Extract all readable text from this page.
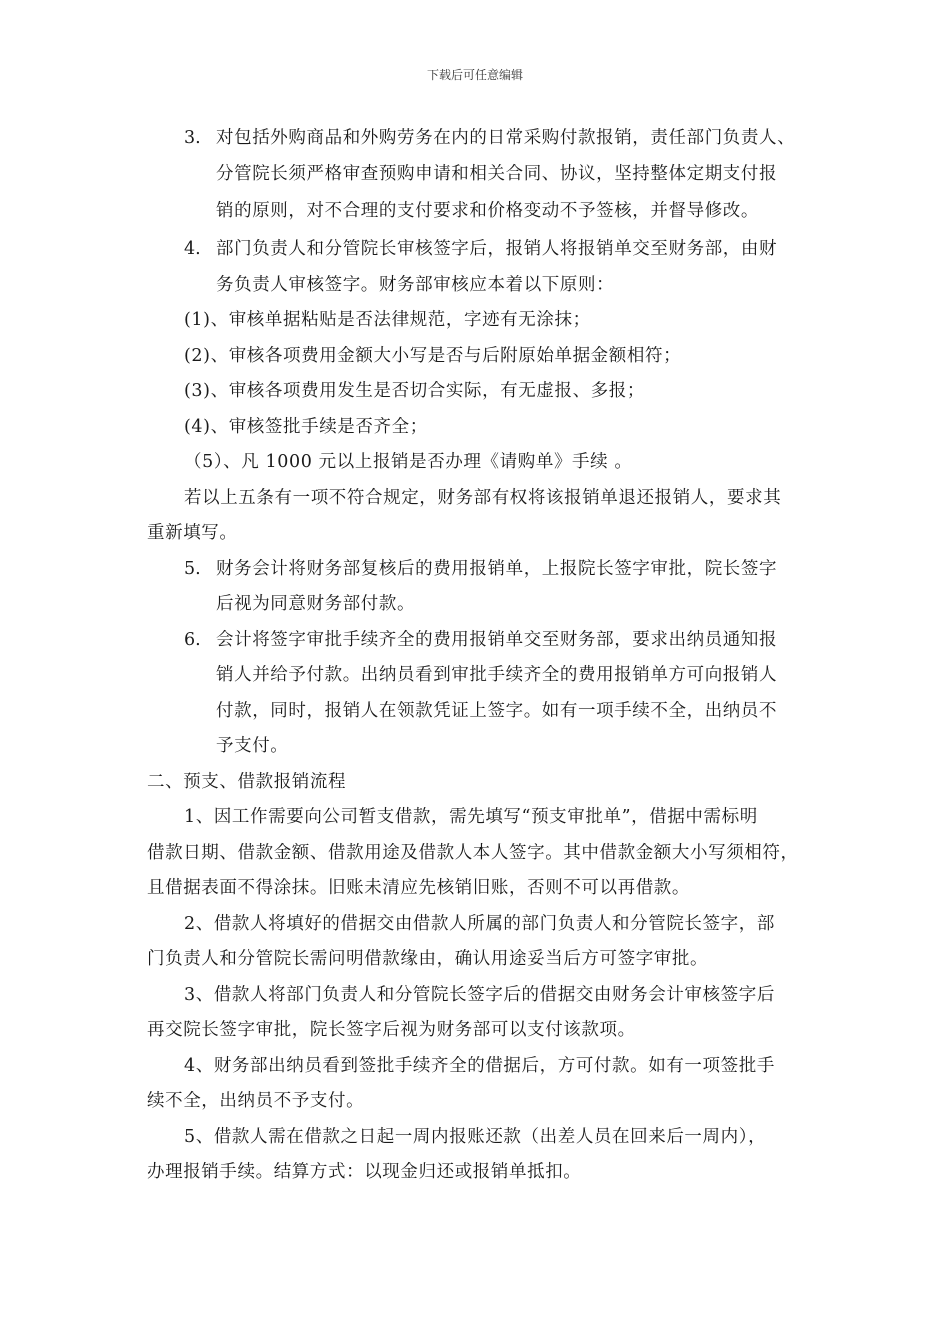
下载后可任意编辑
3. 对包括外购商品和外购劳务在内的日常采购付款报销，责任部门负责人、
分管院长须严格审查预购申请和相关合同、协议，坚持整体定期支付报
销的原则，对不合理的支付要求和价格变动不予签核，并督导修改。
4. 部门负责人和分管院长审核签字后，报销人将报销单交至财务部，由财
务负责人审核签字。财务部审核应本着以下原则：
(1)、审核单据粘贴是否法律规范，字迹有无涂抹；
(2)、审核各项费用金额大小写是否与后附原始单据金额相符；
(3)、审核各项费用发生是否切合实际，有无虚报、多报；
(4)、审核签批手续是否齐全；
（5）、凡 1000 元以上报销是否办理《请购单》手续 。
若以上五条有一项不符合规定，财务部有权将该报销单退还报销人，要求其
重新填写。
5. 财务会计将财务部复核后的费用报销单，上报院长签字审批，院长签字
后视为同意财务部付款。
6. 会计将签字审批手续齐全的费用报销单交至财务部，要求出纳员通知报
销人并给予付款。出纳员看到审批手续齐全的费用报销单方可向报销人
付款，同时，报销人在领款凭证上签字。如有一项手续不全，出纳员不
予支付。
二、预支、借款报销流程
1、因工作需要向公司暂支借款，需先填写“预支审批单”，借据中需标明
借款日期、借款金额、借款用途及借款人本人签字。其中借款金额大小写须相符，
且借据表面不得涂抹。旧账未清应先核销旧账，否则不可以再借款。
2、借款人将填好的借据交由借款人所属的部门负责人和分管院长签字，部
门负责人和分管院长需问明借款缘由，确认用途妥当后方可签字审批。
3、借款人将部门负责人和分管院长签字后的借据交由财务会计审核签字后
再交院长签字审批，院长签字后视为财务部可以支付该款项。
4、财务部出纳员看到签批手续齐全的借据后，方可付款。如有一项签批手
续不全，出纳员不予支付。
5、借款人需在借款之日起一周内报账还款（出差人员在回来后一周内），
办理报销手续。结算方式：以现金归还或报销单抵扣。
